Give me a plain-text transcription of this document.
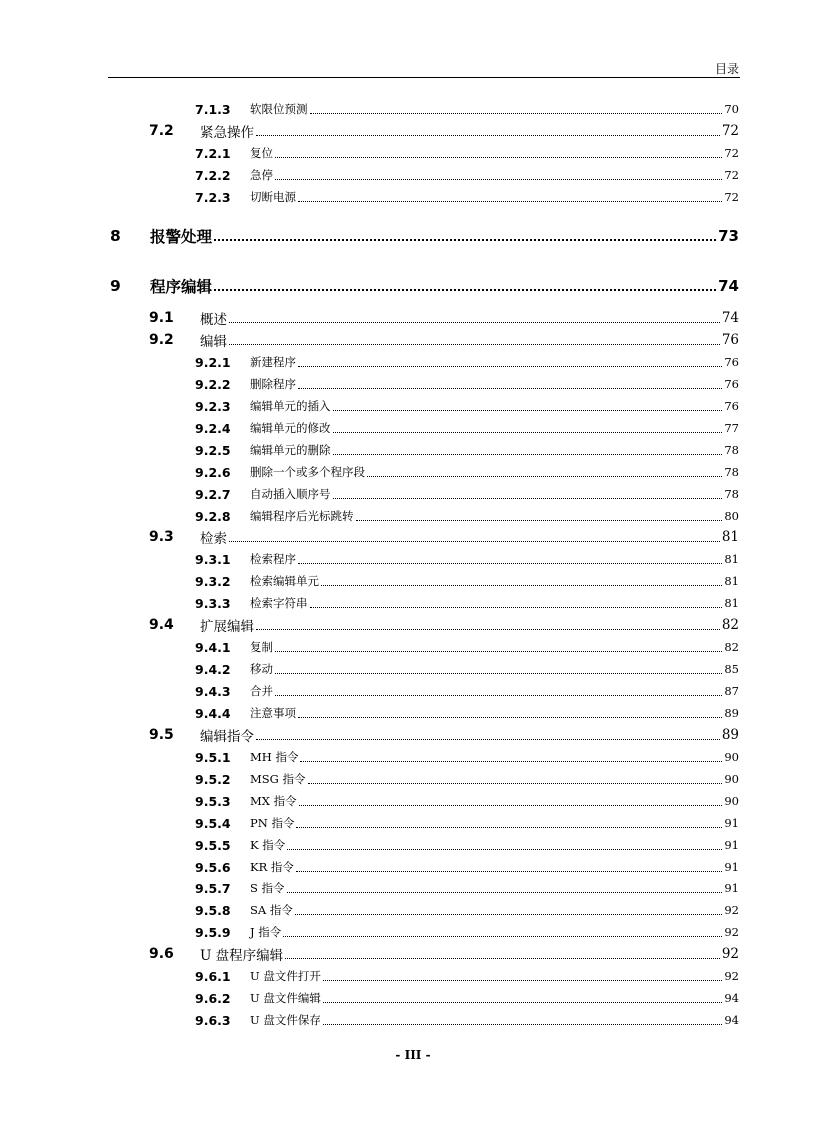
目录
7.1.3	软限位预测	70
7.2	紧急操作	72
7.2.1	复位	72
7.2.2	急停	72
7.2.3	切断电源	72
8	报警处理	73
9	程序编辑	74
9.1	概述	74
9.2	编辑	76
9.2.1	新建程序	76
9.2.2	删除程序	76
9.2.3	编辑单元的插入	76
9.2.4	编辑单元的修改	77
9.2.5	编辑单元的删除	78
9.2.6	删除一个或多个程序段	78
9.2.7	自动插入顺序号	78
9.2.8	编辑程序后光标跳转	80
9.3	检索	81
9.3.1	检索程序	81
9.3.2	检索编辑单元	81
9.3.3	检索字符串	81
9.4	扩展编辑	82
9.4.1	复制	82
9.4.2	移动	85
9.4.3	合并	87
9.4.4	注意事项	89
9.5	编辑指令	89
9.5.1	MH 指令	90
9.5.2	MSG 指令	90
9.5.3	MX 指令	90
9.5.4	PN 指令	91
9.5.5	K 指令	91
9.5.6	KR 指令	91
9.5.7	S 指令	91
9.5.8	SA 指令	92
9.5.9	J 指令	92
9.6	U 盘程序编辑	92
9.6.1	U 盘文件打开	92
9.6.2	U 盘文件编辑	94
9.6.3	U 盘文件保存	94
- III -
